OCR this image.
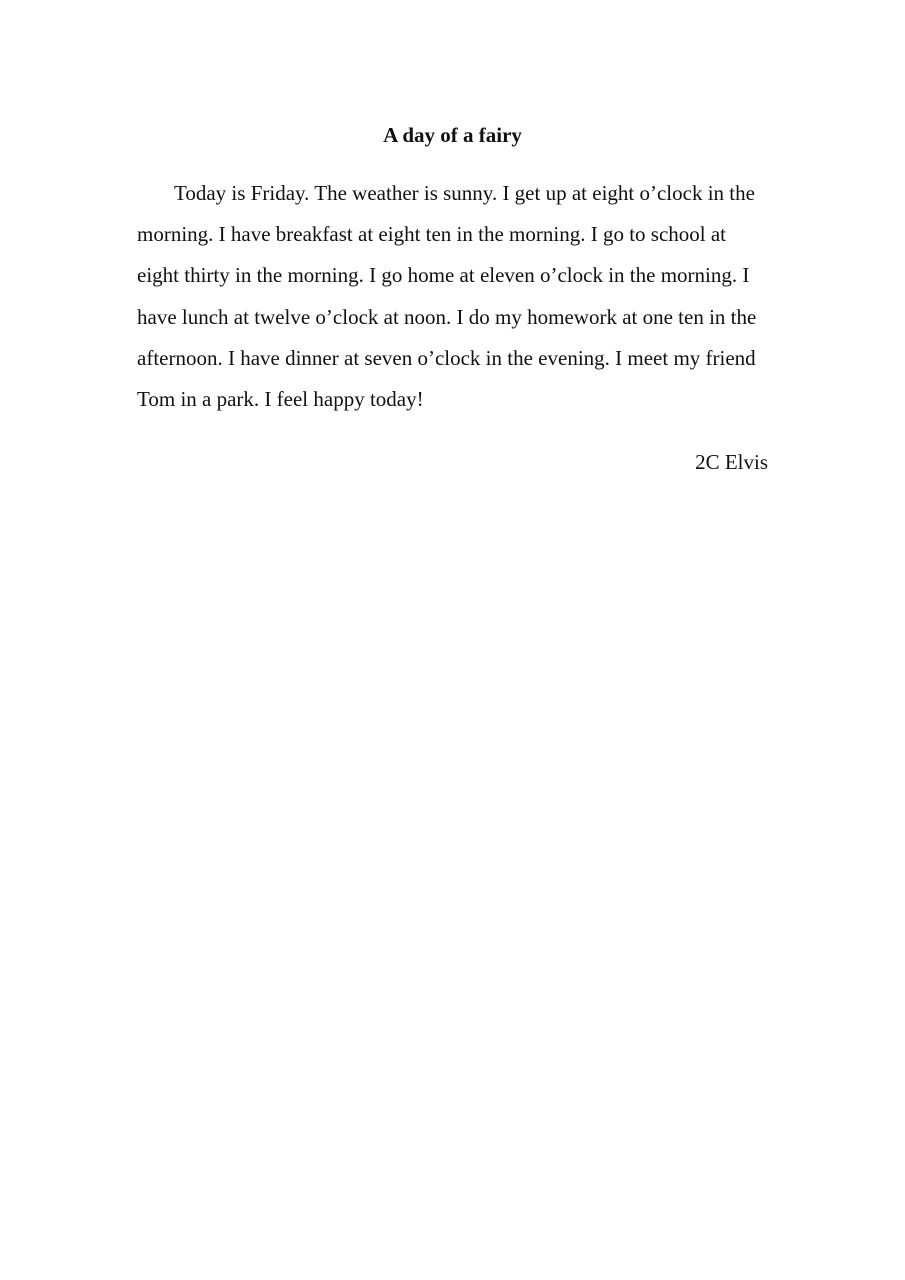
A day of a fairy

Today is Friday. The weather is sunny. I get up at eight o’clock in the morning. I have breakfast at eight ten in the morning. I go to school at eight thirty in the morning. I go home at eleven o’clock in the morning. I have lunch at twelve o’clock at noon. I do my homework at one ten in the afternoon. I have dinner at seven o’clock in the evening. I meet my friend Tom in a park. I feel happy today!

2C Elvis
